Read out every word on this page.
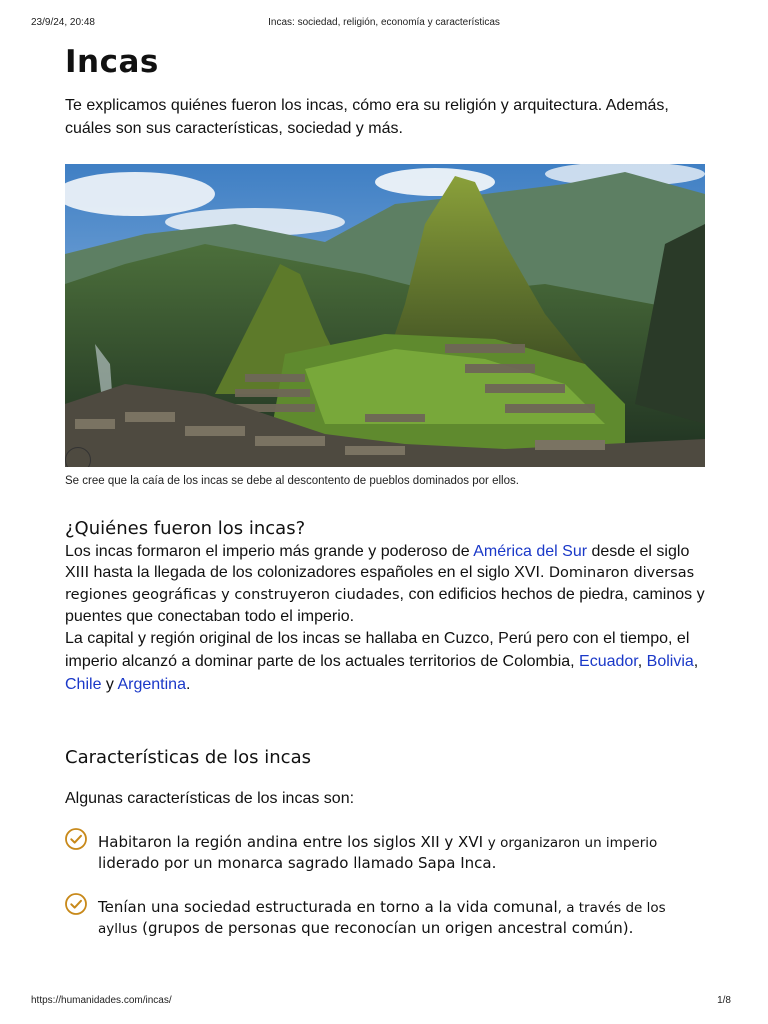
23/9/24, 20:48	Incas: sociedad, religión, economía y características
Incas

Te explicamos quiénes fueron los incas, cómo era su religión y arquitectura. Además, cuáles son sus características, sociedad y más.

Se cree que la caía de los incas se debe al descontento de pueblos dominados por ellos.
¿Quiénes fueron los incas?

Los incas formaron el imperio más grande y poderoso de América del Sur desde el siglo XIII hasta la llegada de los colonizadores españoles en el siglo XVI. Dominaron diversas regiones geográficas y construyeron ciudades, con edificios hechos de piedra, caminos y puentes que conectaban todo el imperio.

La capital y región original de los incas se hallaba en Cuzco, Perú pero con el tiempo, el imperio alcanzó a dominar parte de los actuales territorios de Colombia, Ecuador, Bolivia, Chile y Argentina.

Características de los incas

Algunas características de los incas son:

Habitaron la región andina entre los siglos XII y XVI y organizaron un imperio liderado por un monarca sagrado llamado Sapa Inca.
Tenían una sociedad estructurada en torno a la vida comunal, a través de los ayllus (grupos de personas que reconocían un origen ancestral común).
https://humanidades.com/incas/	1/8
